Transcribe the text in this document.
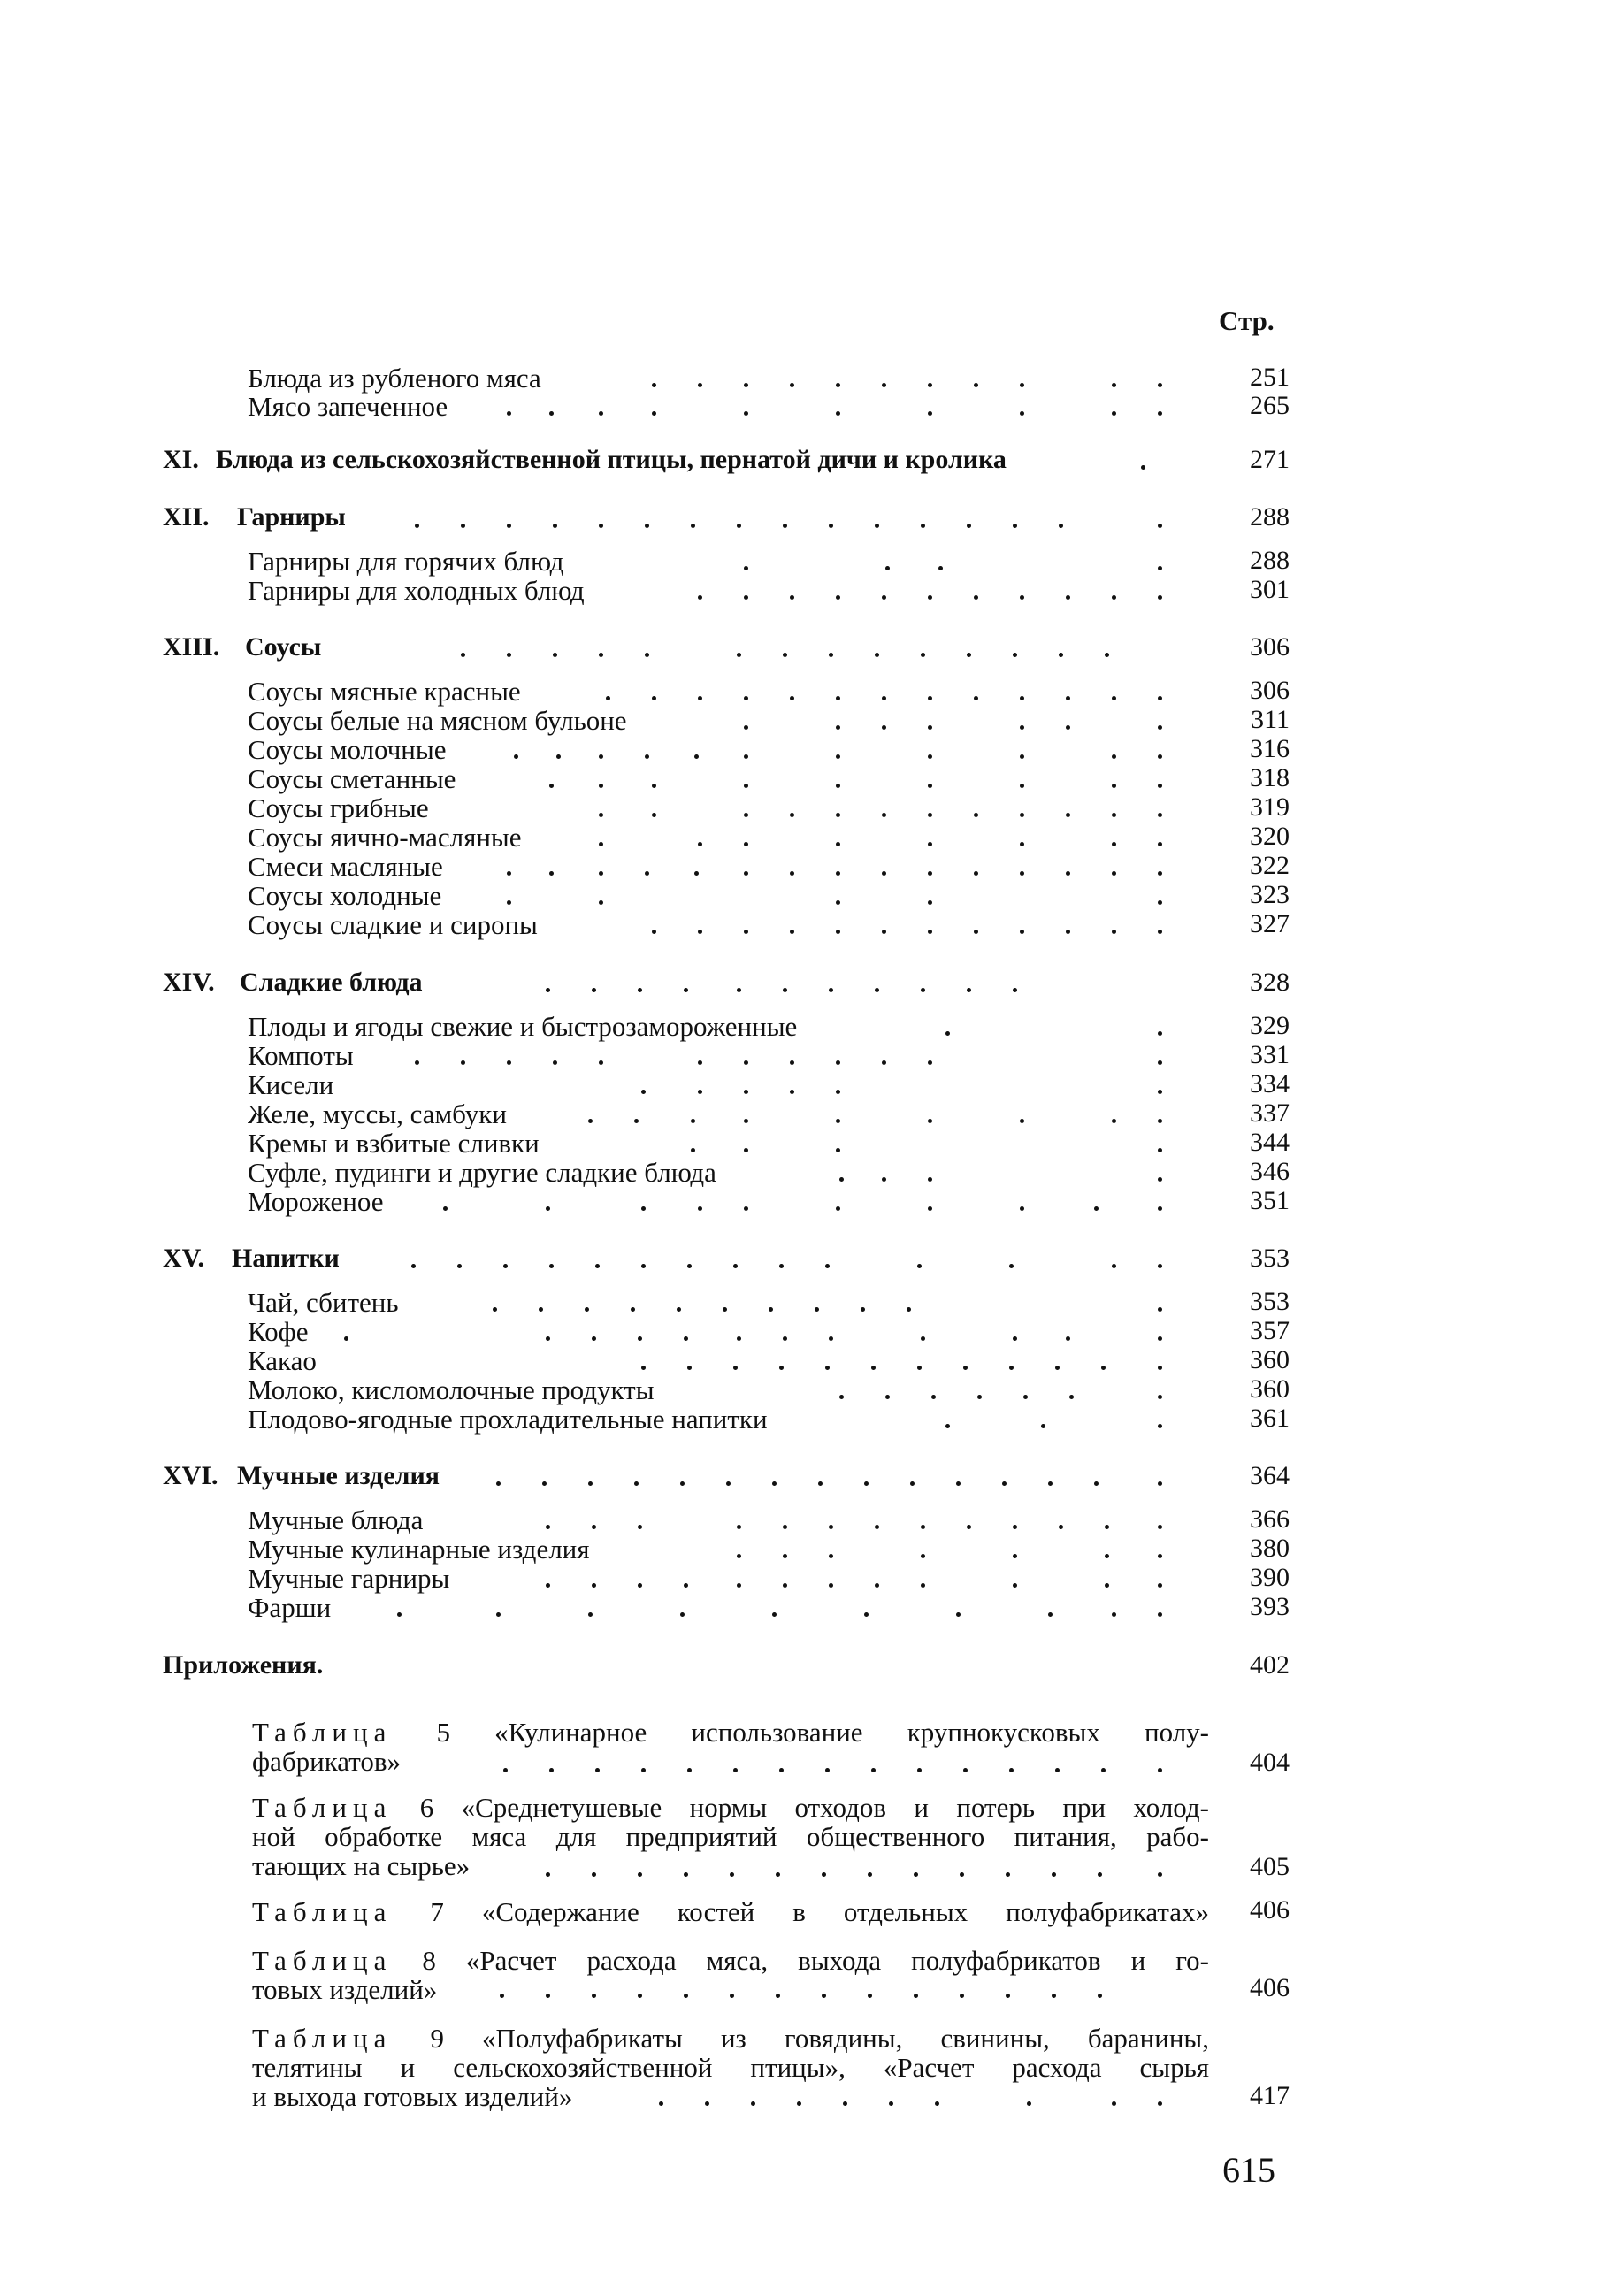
Стр.
Блюда из рубленого мяса	251
Мясо запеченное	265
XI. Блюда из сельскохозяйственной птицы, пернатой дичи и кролика	271
XII. Гарниры	288
Гарниры для горячих блюд	288
Гарниры для холодных блюд	301
XIII. Соусы	306
Соусы мясные красные	306
Соусы белые на мясном бульоне	311
Соусы молочные	316
Соусы сметанные	318
Соусы грибные	319
Соусы яично-масляные	320
Смеси масляные	322
Соусы холодные	323
Соусы сладкие и сиропы	327
XIV. Сладкие блюда	328
Плоды и ягоды свежие и быстрозамороженные	329
Компоты	331
Кисели	334
Желе, муссы, самбуки	337
Кремы и взбитые сливки	344
Суфле, пудинги и другие сладкие блюда	346
Мороженое	351
XV. Напитки	353
Чай, сбитень	353
Кофе	357
Какао	360
Молоко, кисломолочные продукты	360
Плодово-ягодные прохладительные напитки	361
XVI. Мучные изделия	364
Мучные блюда	366
Мучные кулинарные изделия	380
Мучные гарниры	390
Фарши	393
Приложения.	402
Таблица 5 «Кулинарное использование крупнокусковых полу-
фабрикатов»	404
Таблица 6 «Среднетушевые нормы отходов и потерь при холод-
ной обработке мяса для предприятий общественного питания, рабо-
тающих на сырье»	405
Таблица 7 «Содержание костей в отдельных полуфабрикатах»	406
Таблица 8 «Расчет расхода мяса, выхода полуфабрикатов и го-
товых изделий»	406
Таблица 9 «Полуфабрикаты из говядины, свинины, баранины,
телятины и сельскохозяйственной птицы», «Расчет расхода сырья
и выхода готовых изделий»	417
615
